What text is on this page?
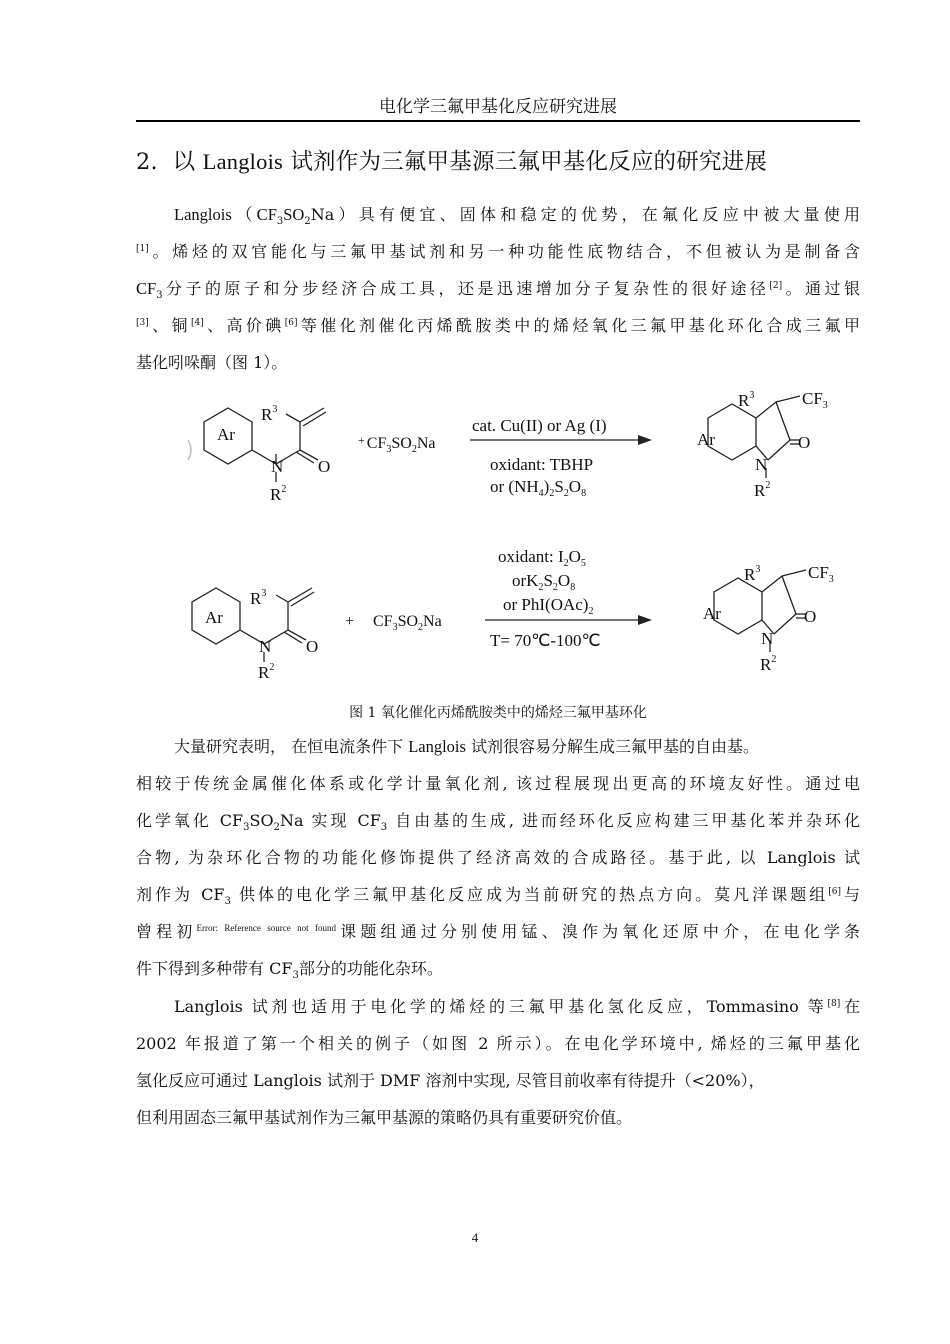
电化学三氟甲基化反应研究进展
2. 以 Langlois 试剂作为三氟甲基源三氟甲基化反应的研究进展
$Langlois(CF_3SO_2Na)$具有便宜、固体和稳定的优势，在氟化反应中被大量使用
[1]。烯烃的双官能化与三氟甲基试剂和另一种功能性底物结合，不但被认为是制备含
$CF_3$分子的原子和分步经济合成工具，还是迅速增加分子复杂性的很好途径[2]。通过银
[3]、铜[4]、高价碘[6]等催化剂催化丙烯酰胺类中的烯烃氧化三氟甲基化环化合成三氟甲
基化吲哚酮（图 1）。
Ar
$R^3$
N O
$R^2$
+ $CF_3SO_2Na$
cat. Cu(II) or Ag (I)
oxidant: TBHP
or $(NH_4)_2S_2O_8$
Ar
$R^3$	$CF_3$
O
N
$R^2$
Ar
$R^3$
N O
$R^2$
+ $CF_3SO_2Na$
oxidant: $I_2O_5$
$orK_2S_2O_8$
or $PhI(OAc)_2$
T= 70℃-100℃
Ar
$R^3$	$CF_3$
O
N
$R^2$
图 1 氧化催化丙烯酰胺类中的烯烃三氟甲基环化
大量研究表明， 在恒电流条件下 Langlois 试剂很容易分解生成三氟甲基的自由基。
相较于传统金属催化体系或化学计量氧化剂, 该过程展现出更高的环境友好性。通过电
化学氧化 $CF_3SO_2Na$ 实现 $CF_3$ 自由基的生成, 进而经环化反应构建三甲基化苯并杂环化
合物, 为杂环化合物的功能化修饰提供了经济高效的合成路径。基于此, 以 Langlois 试
剂作为 $CF_3$ 供体的电化学三氟甲基化反应成为当前研究的热点方向。莫凡洋课题组[6]与
曾程初$^{Error: Reference source not found}$课题组通过分别使用锰、溴作为氧化还原中介，在电化学条
件下得到多种带有 $CF_3$部分的功能化杂环。
Langlois 试剂也适用于电化学的烯烃的三氟甲基化氢化反应，Tommasino 等[8]在
2002 年报道了第一个相关的例子（如图 2 所示）。在电化学环境中, 烯烃的三氟甲基化
氢化反应可通过 Langlois 试剂于 DMF 溶剂中实现, 尽管目前收率有待提升（<20%），
但利用固态三氟甲基试剂作为三氟甲基源的策略仍具有重要研究价值。
4
